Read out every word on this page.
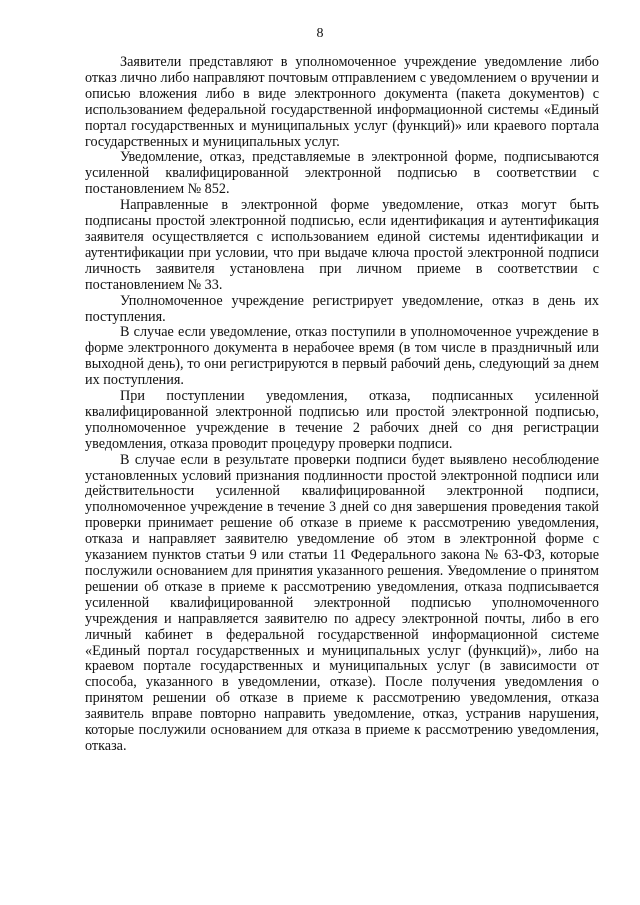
8

Заявители представляют в уполномоченное учреждение уведомление либо отказ лично либо направляют почтовым отправлением с уведомлением о вручении и описью вложения либо в виде электронного документа (пакета документов) с использованием федеральной государственной информационной системы «Единый портал государственных и муниципальных услуг (функций)» или краевого портала государственных и муниципальных услуг.

Уведомление, отказ, представляемые в электронной форме, подписываются усиленной квалифицированной электронной подписью в соответствии с постановлением № 852.

Направленные в электронной форме уведомление, отказ могут быть подписаны простой электронной подписью, если идентификация и аутентификация заявителя осуществляется с использованием единой системы идентификации и аутентификации при условии, что при выдаче ключа простой электронной подписи личность заявителя установлена при личном приеме в соответствии с постановлением № 33.

Уполномоченное учреждение регистрирует уведомление, отказ в день их поступления.

В случае если уведомление, отказ поступили в уполномоченное учреждение в форме электронного документа в нерабочее время (в том числе в праздничный или выходной день), то они регистрируются в первый рабочий день, следующий за днем их поступления.

При поступлении уведомления, отказа, подписанных усиленной квалифицированной электронной подписью или простой электронной подписью, уполномоченное учреждение в течение 2 рабочих дней со дня регистрации уведомления, отказа проводит процедуру проверки подписи.

В случае если в результате проверки подписи будет выявлено несоблюдение установленных условий признания подлинности простой электронной подписи или действительности усиленной квалифицированной электронной подписи, уполномоченное учреждение в течение 3 дней со дня завершения проведения такой проверки принимает решение об отказе в приеме к рассмотрению уведомления, отказа и направляет заявителю уведомление об этом в электронной форме с указанием пунктов статьи 9 или статьи 11 Федерального закона № 63-ФЗ, которые послужили основанием для принятия указанного решения. Уведомление о принятом решении об отказе в приеме к рассмотрению уведомления, отказа подписывается усиленной квалифицированной электронной подписью уполномоченного учреждения и направляется заявителю по адресу электронной почты, либо в его личный кабинет в федеральной государственной информационной системе «Единый портал государственных и муниципальных услуг (функций)», либо на краевом портале государственных и муниципальных услуг (в зависимости от способа, указанного в уведомлении, отказе). После получения уведомления о принятом решении об отказе в приеме к рассмотрению уведомления, отказа заявитель вправе повторно направить уведомление, отказ, устранив нарушения, которые послужили основанием для отказа в приеме к рассмотрению уведомления, отказа.
